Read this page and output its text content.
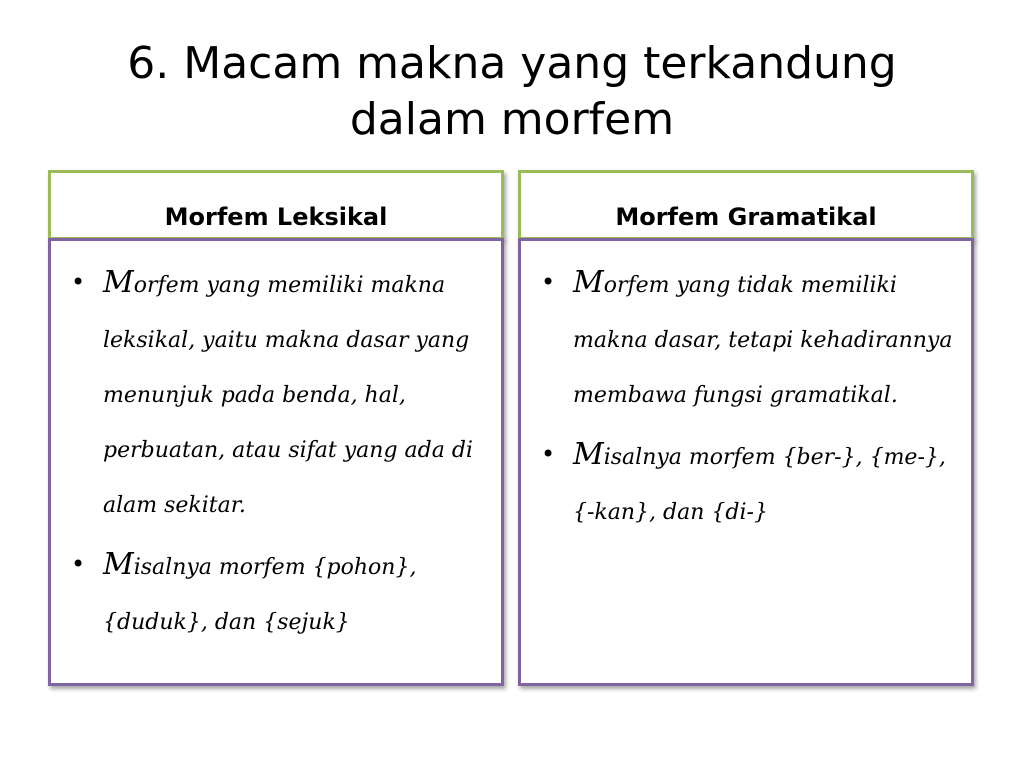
6. Macam makna yang terkandung
dalam morfem
Morfem Leksikal
• Morfem yang memiliki makna leksikal, yaitu makna dasar yang menunjuk pada benda, hal, perbuatan, atau sifat yang ada di alam sekitar.
• Misalnya morfem {pohon}, {duduk}, dan {sejuk}
Morfem Gramatikal
• Morfem yang tidak memiliki makna dasar, tetapi kehadirannya membawa fungsi gramatikal.
• Misalnya morfem {ber-}, {me-}, {-kan}, dan {di-}
